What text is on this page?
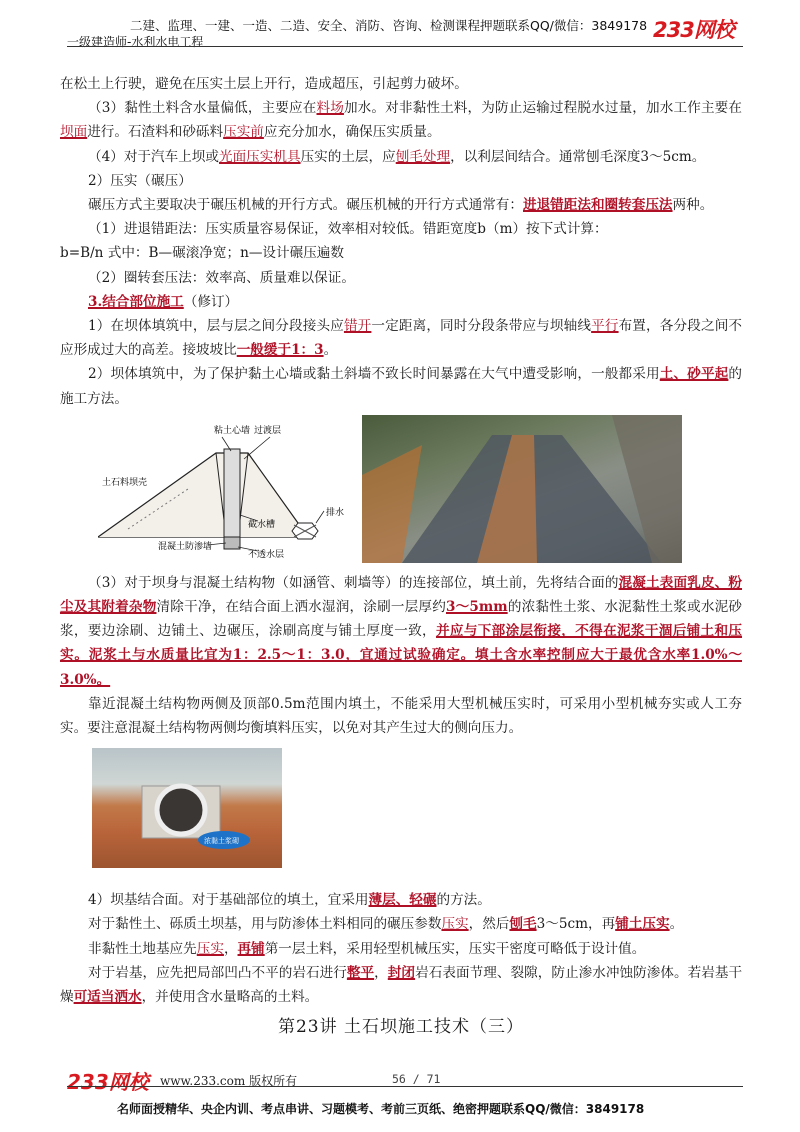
二建、监理、一建、一造、二造、安全、消防、咨询、检测课程押题联系QQ/微信：3849178
一级建造师-水利水电工程	233网校

在松土上行驶，避免在压实土层上开行，造成超压，引起剪力破坏。

（3）黏性土料含水量偏低，主要应在料场加水。对非黏性土料，为防止运输过程脱水过量，加水工作主要在坝面进行。石渣料和砂砾料压实前应充分加水，确保压实质量。

（4）对于汽车上坝或光面压实机具压实的土层，应刨毛处理，以利层间结合。通常刨毛深度3～5cm。

2）压实（碾压）

碾压方式主要取决于碾压机械的开行方式。碾压机械的开行方式通常有：进退错距法和圈转套压法两种。

（1）进退错距法：压实质量容易保证，效率相对较低。错距宽度b（m）按下式计算：

b=B/n 式中：B—碾滚净宽；n—设计碾压遍数

（2）圈转套压法：效率高、质量难以保证。

3.结合部位施工（修订）

1）在坝体填筑中，层与层之间分段接头应错开一定距离，同时分段条带应与坝轴线平行布置，各分段之间不应形成过大的高差。接坡坡比一般缓于1：3。

2）坝体填筑中，为了保护黏土心墙或黏土斜墙不致长时间暴露在大气中遭受影响，一般都采用土、砂平起的施工方法。

粘土心墙 过渡层
土石料坝壳
排水
截水槽
混凝土防渗墙
不透水层

（3）对于坝身与混凝土结构物（如涵管、刺墙等）的连接部位，填土前，先将结合面的混凝土表面乳皮、粉尘及其附着杂物清除干净，在结合面上洒水湿润，涂刷一层厚约3～5mm的浓黏性土浆、水泥黏性土浆或水泥砂浆，要边涂刷、边铺土、边碾压，涂刷高度与铺土厚度一致，并应与下部涂层衔接，不得在泥浆干涸后铺土和压实。泥浆土与水质量比宜为1：2.5～1：3.0，宜通过试验确定。填土含水率控制应大于最优含水率1.0%～3.0%。

靠近混凝土结构物两侧及顶部0.5m范围内填土，不能采用大型机械压实时，可采用小型机械夯实或人工夯实。要注意混凝土结构物两侧均衡填料压实，以免对其产生过大的侧向压力。

浓黏土浆砌

4）坝基结合面。对于基础部位的填土，宜采用薄层、轻碾的方法。

对于黏性土、砾质土坝基，用与防渗体土料相同的碾压参数压实，然后刨毛3～5cm，再铺土压实。

非黏性土地基应先压实，再铺第一层土料，采用轻型机械压实，压实干密度可略低于设计值。

对于岩基，应先把局部凹凸不平的岩石进行整平，封闭岩石表面节理、裂隙，防止渗水冲蚀防渗体。若岩基干燥可适当洒水，并使用含水量略高的土料。

第23讲 土石坝施工技术（三）
233网校 www.233.com 版权所有	56 / 71
名师面授精华、央企内训、考点串讲、习题模考、考前三页纸、绝密押题联系QQ/微信：3849178
